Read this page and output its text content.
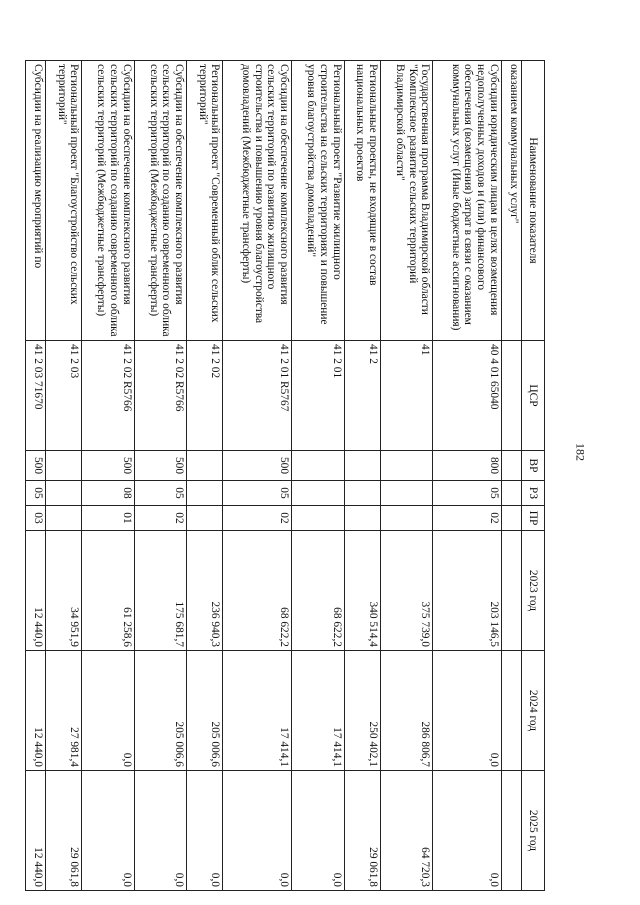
182
Наименование показателя	ЦСР	ВР	РЗ	ПР	2023 год	2024 год	2025 год
оказанием коммунальных услуг"							
Субсидии юридическим лицам в целях возмещения недополученных доходов и (или) финансового обеспечения (возмещения) затрат в связи с оказанием коммунальных услуг (Иные бюджетные ассигнования)	40 4 01 65040	800	05	02	203 146,5	0,0	0,0
Государственная программа Владимирской области "Комплексное развитие сельских территорий Владимирской области"	41				375 739,0	286 806,7	64 720,3
Региональные проекты, не входящие в состав национальных проектов	41 2				340 514,4	250 402,1	29 061,8
Региональный проект "Развитие жилищного строительства на сельских территориях и повышение уровня благоустройства домовладений"	41 2 01				68 622,2	17 414,1	0,0
Субсидии на обеспечение комплексного развития сельских территорий по развитию жилищного строительства и повышению уровня благоустройства домовладений (Межбюджетные трансферты)	41 2 01 R5767	500	05	02	68 622,2	17 414,1	0,0
Региональный проект "Современный облик сельских территорий"	41 2 02				236 940,3	205 006,6	0,0
Субсидии на обеспечение комплексного развития сельских территорий по созданию современного облика сельских территорий (Межбюджетные трансферты)	41 2 02 R5766	500	05	02	175 681,7	205 006,6	0,0
Субсидии на обеспечение комплексного развития сельских территорий по созданию современного облика сельских территорий (Межбюджетные трансферты)	41 2 02 R5766	500	08	01	61 258,6	0,0	0,0
Региональный проект "Благоустройство сельских территорий"	41 2 03				34 951,9	27 981,4	29 061,8
Субсидии на реализацию мероприятий по	41 2 03 71670	500	05	03	12 440,0	12 440,0	12 440,0
